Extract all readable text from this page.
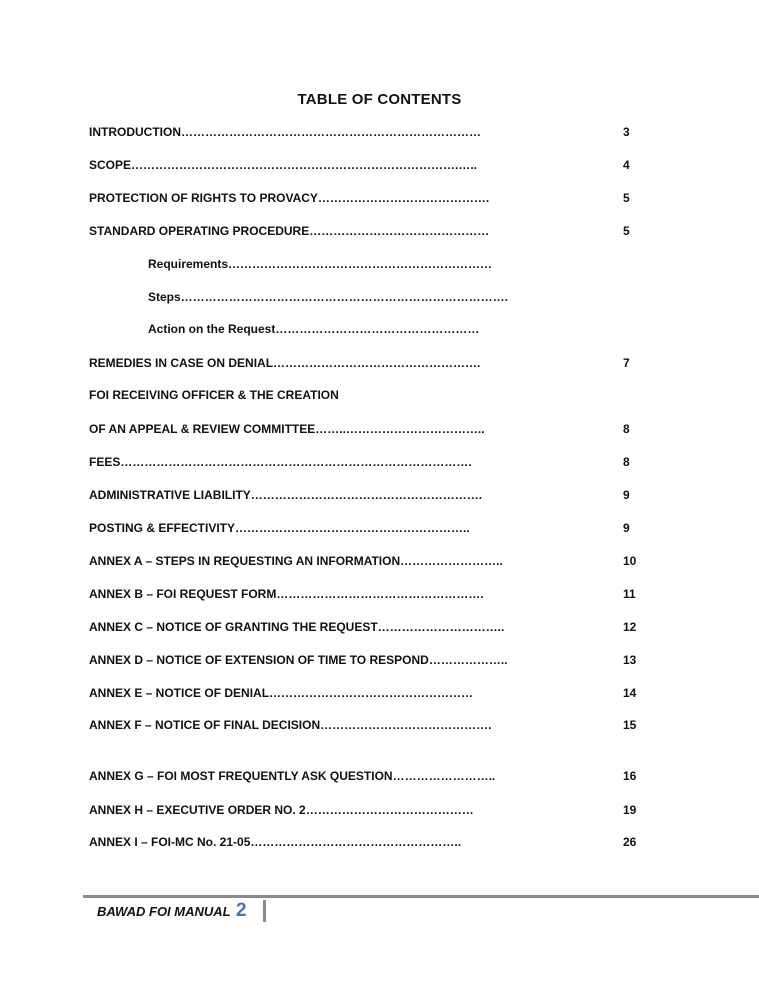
TABLE OF CONTENTS
INTRODUCTION…………………………………………………………………	3
SCOPE……………………………………………………………………….…..	4
PROTECTION OF RIGHTS TO PROVACY…………………………………….	5
STANDARD OPERATING PROCEDURE………………………………………	5
Requirements…………………………………………………………
Steps……………………………………………………………………….
Action on the Request……………………………………………
REMEDIES IN CASE ON DENIAL…………………………………………….	7
FOI RECEIVING OFFICER & THE CREATION
OF AN APPEAL & REVIEW COMMITTEE……..……………………………..	8
FEES…………………………………………………………………………….	8
ADMINISTRATIVE LIABILITY………………………………………………….	9
POSTING & EFFECTIVITY…………………………………………………..	9
ANNEX A – STEPS IN REQUESTING AN INFORMATION……………………..	10
ANNEX B – FOI REQUEST FORM…………………………………………….	11
ANNEX C – NOTICE OF GRANTING THE REQUEST…………………………..	12
ANNEX D – NOTICE OF EXTENSION OF TIME TO RESPOND………………..	13
ANNEX E – NOTICE OF DENIAL……………………………………………	14
ANNEX F – NOTICE OF FINAL DECISION…………………………………….	15
ANNEX G – FOI MOST FREQUENTLY ASK QUESTION……………………..	16
ANNEX H – EXECUTIVE ORDER NO. 2……………………………………	19
ANNEX I – FOI-MC No. 21-05……………………………………………..	26
BAWAD FOI MANUAL 2
